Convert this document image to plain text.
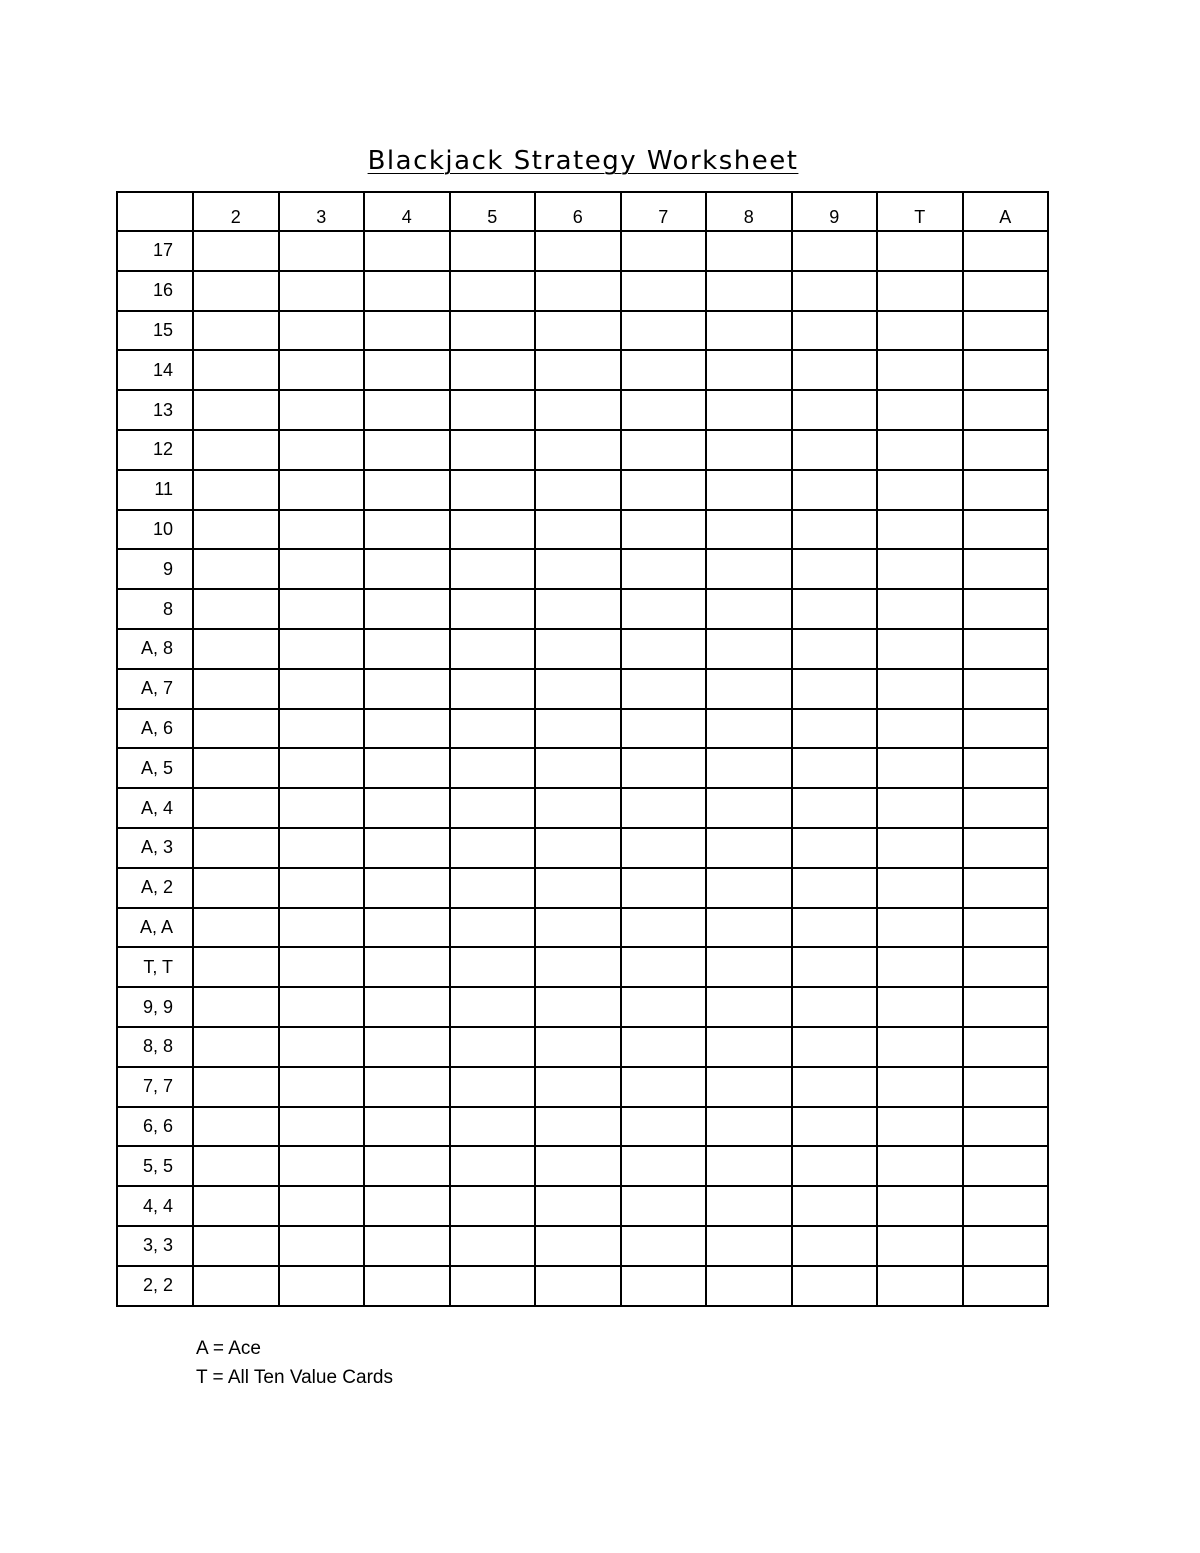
Blackjack Strategy Worksheet
	2	3	4	5	6	7	8	9	T	A
17										
16										
15										
14										
13										
12										
11										
10										
9										
8										
A, 8										
A, 7										
A, 6										
A, 5										
A, 4										
A, 3										
A, 2										
A, A										
T, T										
9, 9										
8, 8										
7, 7										
6, 6										
5, 5										
4, 4										
3, 3										
2, 2										
A = Ace
T = All Ten Value Cards
